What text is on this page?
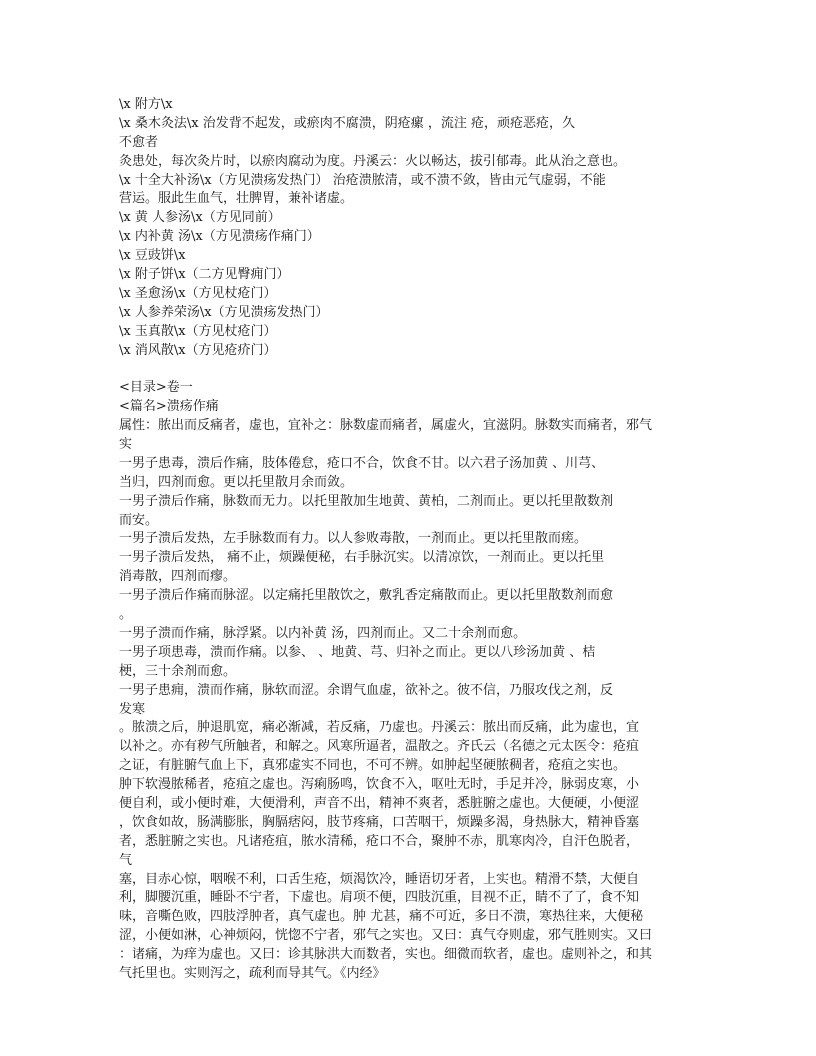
\x 附方\x
\x 桑木灸法\x 治发背不起发，或瘀肉不腐溃，阴疮瘰 ，流注 疮，顽疮恶疮，久
不愈者
灸患处，每次灸片时，以瘀肉腐动为度。丹溪云：火以畅达，拔引郁毒。此从治之意也。
\x 十全大补汤\x（方见溃疡发热门） 治疮溃脓清，或不溃不敛，皆由元气虚弱，不能
营运。服此生血气，壮脾胃，兼补诸虚。
\x 黄 人参汤\x（方见同前）
\x 内补黄 汤\x（方见溃疡作痛门）
\x 豆豉饼\x
\x 附子饼\x（二方见臀痈门）
\x 圣愈汤\x（方见杖疮门）
\x 人参养荣汤\x（方见溃疡发热门）
\x 玉真散\x（方见杖疮门）
\x 消风散\x（方见疮疥门）
<目录>卷一
<篇名>溃疡作痛
属性：脓出而反痛者，虚也，宜补之：脉数虚而痛者，属虚火，宜滋阴。脉数实而痛者，邪气
实
一男子患毒，溃后作痛，肢体倦怠，疮口不合，饮食不甘。以六君子汤加黄 、川芎、
当归，四剂而愈。更以托里散月余而敛。
一男子溃后作痛，脉数而无力。以托里散加生地黄、黄柏，二剂而止。更以托里散数剂
而安。
一男子溃后发热，左手脉数而有力。以人参败毒散，一剂而止。更以托里散而瘥。
一男子溃后发热， 痛不止，烦躁便秘，右手脉沉实。以清凉饮，一剂而止。更以托里
消毒散，四剂而瘳。
一男子溃后作痛而脉涩。以定痛托里散饮之，敷乳香定痛散而止。更以托里散数剂而愈
。
一男子溃而作痛，脉浮紧。以内补黄 汤，四剂而止。又二十余剂而愈。
一男子项患毒，溃而作痛。以参、 、地黄、芎、归补之而止。更以八珍汤加黄 、桔
梗，三十余剂而愈。
一男子患痈，溃而作痛，脉软而涩。余谓气血虚，欲补之。彼不信，乃服攻伐之剂，反
发寒
。脓溃之后，肿退肌宽，痛必渐减，若反痛，乃虚也。丹溪云：脓出而反痛，此为虚也，宜
以补之。亦有秽气所触者，和解之。风寒所逼者，温散之。齐氏云（名德之元太医令：疮疽
之证，有脏腑气血上下，真邪虚实不同也，不可不辨。如肿起坚硬脓稠者，疮疽之实也。
肿下软漫脓稀者，疮疽之虚也。泻痢肠鸣，饮食不入，呕吐无时，手足并冷，脉弱皮寒，小
便自利，或小便时难，大便滑利，声音不出，精神不爽者，悉脏腑之虚也。大便硬，小便涩
，饮食如故，肠满膨胀，胸膈痞闷，肢节疼痛，口苦咽干，烦躁多渴，身热脉大，精神昏塞
者，悉脏腑之实也。凡诸疮疽，脓水清稀，疮口不合，聚肿不赤，肌寒肉冷，自汗色脱者，
气
塞，目赤心惊，咽喉不利，口舌生疮，烦渴饮冷，睡语切牙者，上实也。精滑不禁，大便自
利，脚腰沉重，睡卧不宁者，下虚也。肩项不便，四肢沉重，目视不正，睛不了了，食不知
味，音嘶色败，四肢浮肿者，真气虚也。肿 尤甚，痛不可近，多日不溃，寒热往来，大便秘
涩，小便如淋，心神烦闷，恍惚不宁者，邪气之实也。又曰：真气夺则虚，邪气胜则实。又曰
：诸痛，为痒为虚也。又曰：诊其脉洪大而数者，实也。细微而软者，虚也。虚则补之，和其
气托里也。实则泻之，疏利而导其气。《内经》
